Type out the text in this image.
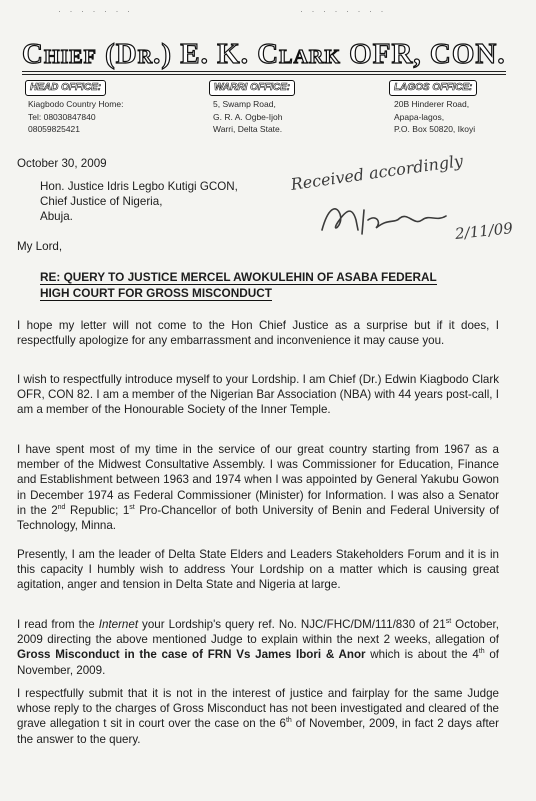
· · · · · · ·	· · · · · · · ·
Chief (Dr.) E. K. Clark OFR, CON.
HEAD OFFICE:
Kiagbodo Country Home:
Tel: 08030847840
08059825421
WARRI OFFICE:
5, Swamp Road,
G. R. A. Ogbe-Ijoh
Warri, Delta State.
LAGOS OFFICE:
20B Hinderer Road,
Apapa-lagos,
P.O. Box 50820, Ikoyi
October 30, 2009
Hon. Justice Idris Legbo Kutigi GCON,
Chief Justice of Nigeria,
Abuja.
Received accordingly
2/11/09
My Lord,
RE: QUERY TO JUSTICE MERCEL AWOKULEHIN OF ASABA FEDERAL
HIGH COURT FOR GROSS MISCONDUCT
I hope my letter will not come to the Hon Chief Justice as a surprise but if it does, I respectfully apologize for any embarrassment and inconvenience it may cause you.
I wish to respectfully introduce myself to your Lordship. I am Chief (Dr.) Edwin Kiagbodo Clark OFR, CON 82. I am a member of the Nigerian Bar Association (NBA) with 44 years post-call, I am a member of the Honourable Society of the Inner Temple.
I have spent most of my time in the service of our great country starting from 1967 as a member of the Midwest Consultative Assembly. I was Commissioner for Education, Finance and Establishment between 1963 and 1974 when I was appointed by General Yakubu Gowon in December 1974 as Federal Commissioner (Minister) for Information. I was also a Senator in the 2nd Republic; 1st Pro-Chancellor of both University of Benin and Federal University of Technology, Minna.
Presently, I am the leader of Delta State Elders and Leaders Stakeholders Forum and it is in this capacity I humbly wish to address Your Lordship on a matter which is causing great agitation, anger and tension in Delta State and Nigeria at large.
I read from the Internet your Lordship's query ref. No. NJC/FHC/DM/111/830 of 21st October, 2009 directing the above mentioned Judge to explain within the next 2 weeks, allegation of Gross Misconduct in the case of FRN Vs James Ibori & Anor which is about the 4th of November, 2009.
I respectfully submit that it is not in the interest of justice and fairplay for the same Judge whose reply to the charges of Gross Misconduct has not been investigated and cleared of the grave allegation t sit in court over the case on the 6th of November, 2009, in fact 2 days after the answer to the query.
